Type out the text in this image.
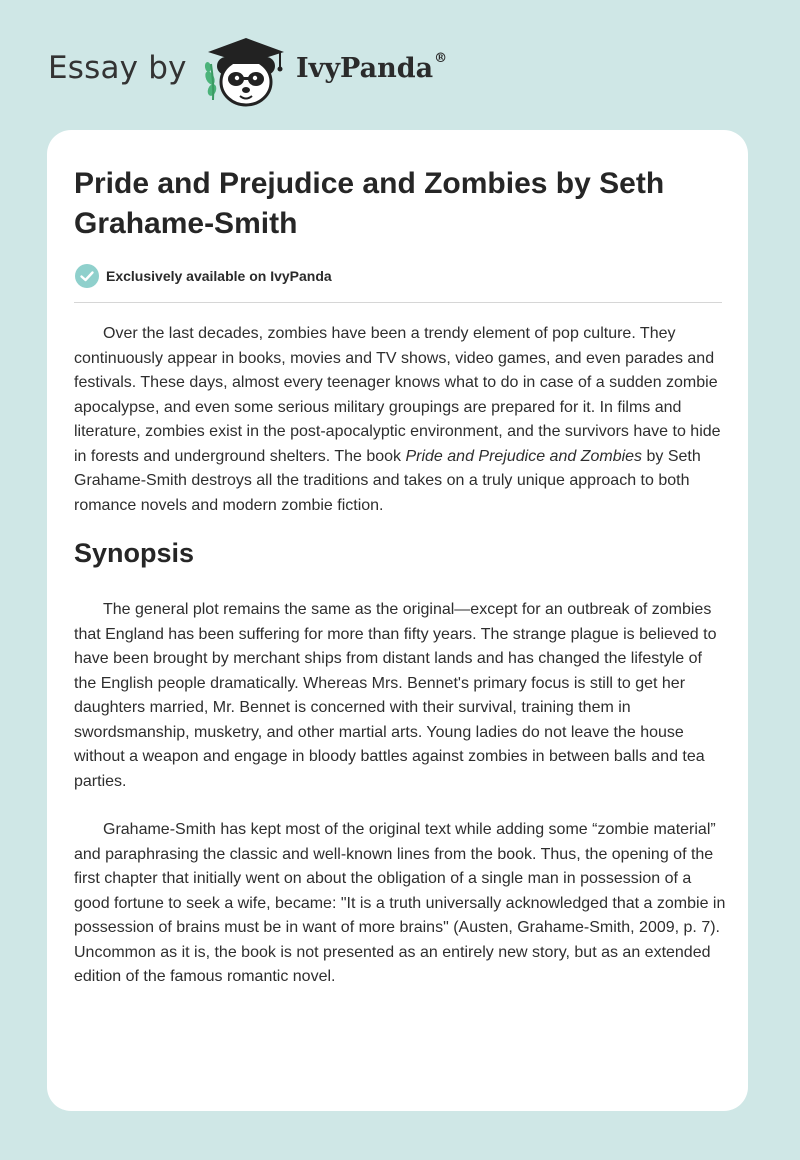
Essay by	IvyPanda®
Pride and Prejudice and Zombies by Seth Grahame-Smith
Exclusively available on IvyPanda

Over the last decades, zombies have been a trendy element of pop culture. They continuously appear in books, movies and TV shows, video games, and even parades and festivals. These days, almost every teenager knows what to do in case of a sudden zombie apocalypse, and even some serious military groupings are prepared for it. In films and literature, zombies exist in the post-apocalyptic environment, and the survivors have to hide in forests and underground shelters. The book Pride and Prejudice and Zombies by Seth Grahame-Smith destroys all the traditions and takes on a truly unique approach to both romance novels and modern zombie fiction.

Synopsis

The general plot remains the same as the original—except for an outbreak of zombies that England has been suffering for more than fifty years. The strange plague is believed to have been brought by merchant ships from distant lands and has changed the lifestyle of the English people dramatically. Whereas Mrs. Bennet's primary focus is still to get her daughters married, Mr. Bennet is concerned with their survival, training them in swordsmanship, musketry, and other martial arts. Young ladies do not leave the house without a weapon and engage in bloody battles against zombies in between balls and tea parties.

Grahame-Smith has kept most of the original text while adding some “zombie material” and paraphrasing the classic and well-known lines from the book. Thus, the opening of the first chapter that initially went on about the obligation of a single man in possession of a good fortune to seek a wife, became: "It is a truth universally acknowledged that a zombie in possession of brains must be in want of more brains" (Austen, Grahame-Smith, 2009, p. 7). Uncommon as it is, the book is not presented as an entirely new story, but as an extended edition of the famous romantic novel.
